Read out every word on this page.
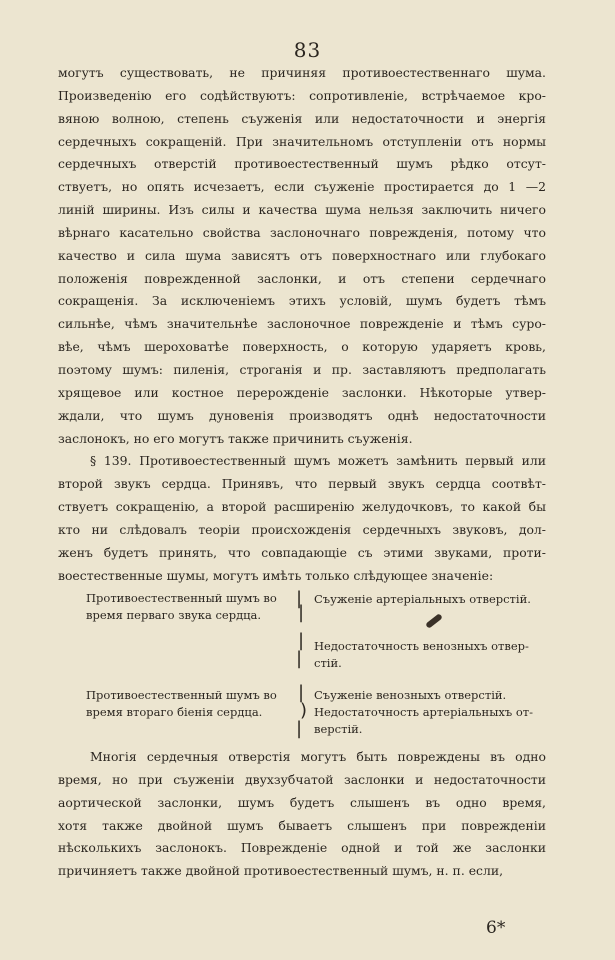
83
могутъ существовать, не причиняя противоестественнаго шума.
Произведенію его содѣйствуютъ: сопротивленіе, встрѣчаемое кро-
вяною волною, степень съуженія или недостаточности и энергія
сердечныхъ сокращеній. При значительномъ отступленіи отъ нормы
сердечныхъ отверстій противоестественный шумъ рѣдко отсут-
ствуетъ, но опять исчезаетъ, если съуженіе простирается до 1 —2
линій ширины. Изъ силы и качества шума нельзя заключить ничего
вѣрнаго касательно свойства заслоночнаго поврежденія, потому что
качество и сила шума зависятъ отъ поверхностнаго или глубокаго
положенія поврежденной заслонки, и отъ степени сердечнаго
сокращенія. За исключеніемъ этихъ условій, шумъ будетъ тѣмъ
сильнѣе, чѣмъ значительнѣе заслоночное поврежденіе и тѣмъ суро-
вѣе, чѣмъ шероховатѣе поверхность, о которую ударяетъ кровь,
поэтому шумъ: пиленія, строганія и пр. заставляютъ предполагать
хрящевое или костное перерожденіе заслонки. Нѣкоторые утвер-
ждали, что шумъ дуновенія производятъ однѣ недостаточности
заслонокъ, но его могутъ также причинить съуженія.
§ 139. Противоестественный шумъ можетъ замѣнить первый или
второй звукъ сердца. Принявъ, что первый звукъ сердца соотвѣт-
ствуетъ сокращенію, а второй расширенію желудочковъ, то какой бы
кто ни слѣдовалъ теоріи происхожденія сердечныхъ звуковъ, дол-
женъ будетъ принять, что совпадающіе съ этими звуками, проти-
воестественные шумы, могутъ имѣть только слѣдующее значеніе:
Противоестественный шумъ во
время перваго звука сердца.
|
|
Съуженіе артеріальныхъ отверстій.
|
|
Недостаточность венозныхъ отвер-
стій.
Противоестественный шумъ во
время втораго біенія сердца.
|
)
|
Съуженіе венозныхъ отверстій.
Недостаточность артеріальныхъ от-
верстій.
Многія сердечныя отверстія могутъ быть повреждены въ одно
время, но при съуженіи двухзубчатой заслонки и недостаточности
аортической заслонки, шумъ будетъ слышенъ въ одно время,
хотя также двойной шумъ бываетъ слышенъ при поврежденіи
нѣсколькихъ заслонокъ. Поврежденіе одной и той же заслонки
причиняетъ также двойной противоестественный шумъ, н. п. если,
6*
